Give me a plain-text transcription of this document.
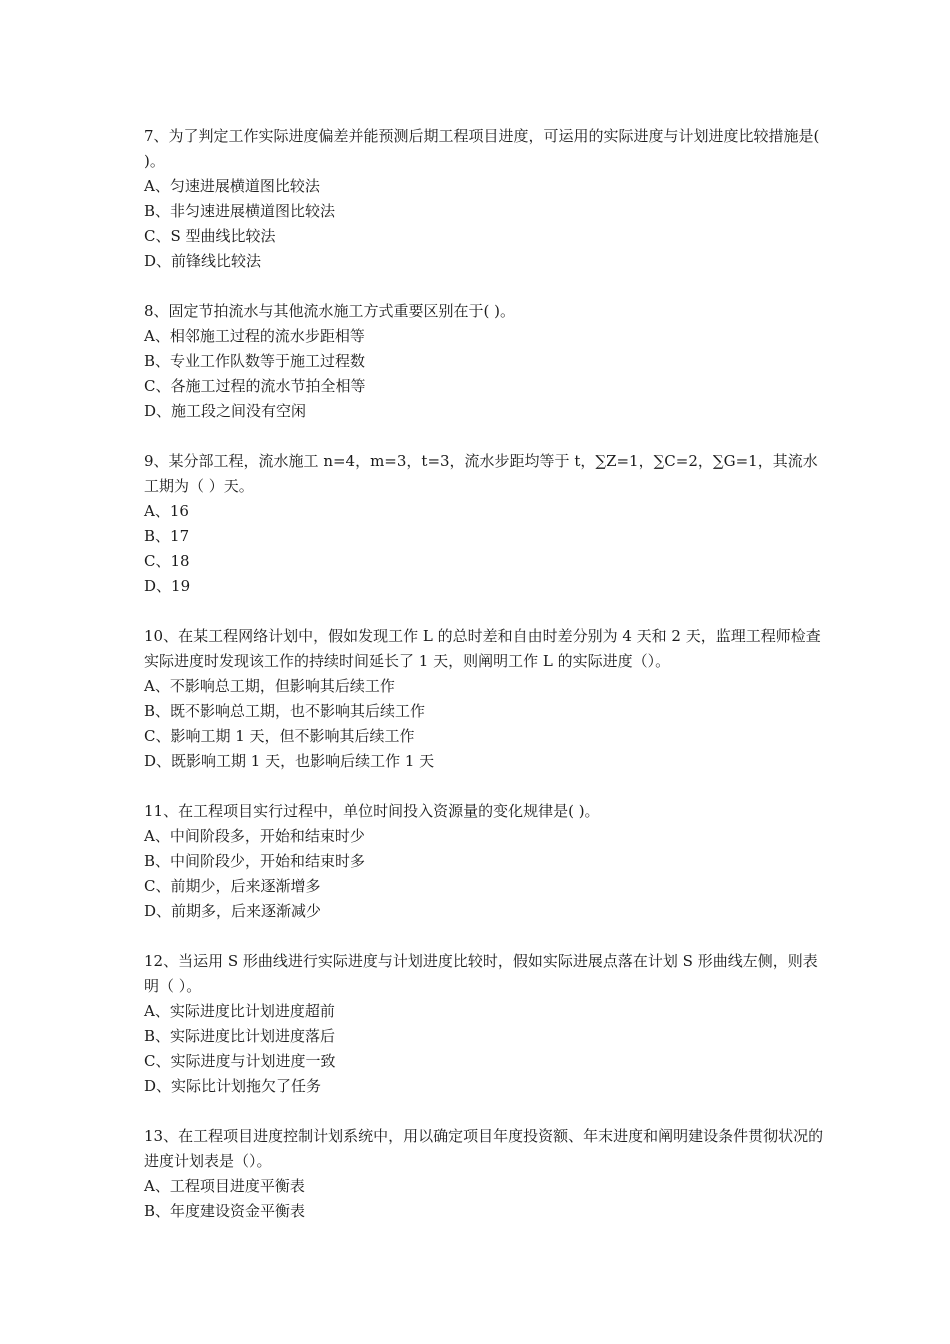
7、为了判定工作实际进度偏差并能预测后期工程项目进度，可运用的实际进度与计划进度比较措施是( )。

A、匀速进展横道图比较法

B、非匀速进展横道图比较法

C、S 型曲线比较法

D、前锋线比较法

8、固定节拍流水与其他流水施工方式重要区别在于( )。

A、相邻施工过程的流水步距相等

B、专业工作队数等于施工过程数

C、各施工过程的流水节拍全相等

D、施工段之间没有空闲

9、某分部工程，流水施工 n=4，m=3，t=3，流水步距均等于 t，∑Z=1，∑C=2，∑G=1，其流水工期为（ ）天。

A、16

B、17

C、18

D、19

10、在某工程网络计划中，假如发现工作 L 的总时差和自由时差分别为 4 天和 2 天，监理工程师检查实际进度时发现该工作的持续时间延长了 1 天，则阐明工作 L 的实际进度（）。

A、不影响总工期，但影响其后续工作

B、既不影响总工期，也不影响其后续工作

C、影响工期 1 天，但不影响其后续工作

D、既影响工期 1 天，也影响后续工作 1 天

11、在工程项目实行过程中，单位时间投入资源量的变化规律是( )。

A、中间阶段多，开始和结束时少

B、中间阶段少，开始和结束时多

C、前期少，后来逐渐增多

D、前期多，后来逐渐减少

12、当运用 S 形曲线进行实际进度与计划进度比较时，假如实际进展点落在计划 S 形曲线左侧，则表明（ ）。

A、实际进度比计划进度超前

B、实际进度比计划进度落后

C、实际进度与计划进度一致

D、实际比计划拖欠了任务

13、在工程项目进度控制计划系统中，用以确定项目年度投资额、年末进度和阐明建设条件贯彻状况的进度计划表是（）。

A、工程项目进度平衡表

B、年度建设资金平衡表
